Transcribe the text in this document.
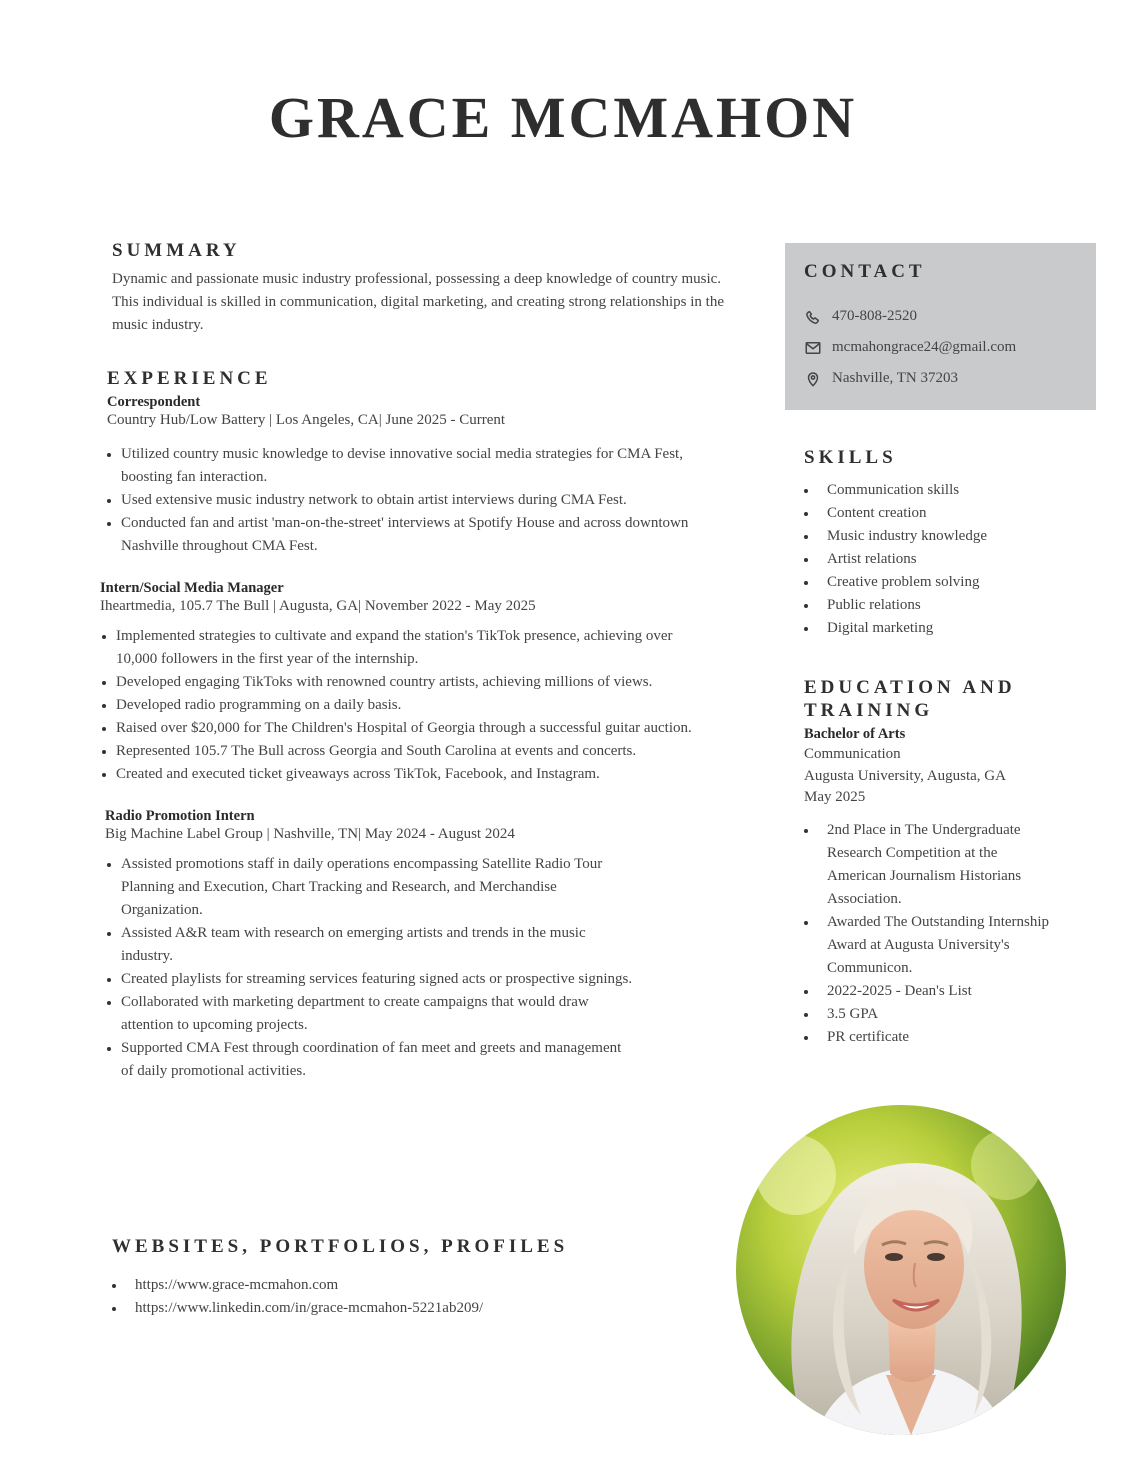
GRACE MCMAHON
SUMMARY

Dynamic and passionate music industry professional, possessing a deep knowledge of country music. This individual is skilled in communication, digital marketing, and creating strong relationships in the music industry.

EXPERIENCE

Correspondent

Country Hub/Low Battery | Los Angeles, CA| June 2025 - Current

Utilized country music knowledge to devise innovative social media strategies for CMA Fest, boosting fan interaction.
Used extensive music industry network to obtain artist interviews during CMA Fest.
Conducted fan and artist 'man-on-the-street' interviews at Spotify House and across downtown Nashville throughout CMA Fest.

Intern/Social Media Manager

Iheartmedia, 105.7 The Bull | Augusta, GA| November 2022 - May 2025

Implemented strategies to cultivate and expand the station's TikTok presence, achieving over 10,000 followers in the first year of the internship.
Developed engaging TikToks with renowned country artists, achieving millions of views.
Developed radio programming on a daily basis.
Raised over $20,000 for The Children's Hospital of Georgia through a successful guitar auction.
Represented 105.7 The Bull across Georgia and South Carolina at events and concerts.
Created and executed ticket giveaways across TikTok, Facebook, and Instagram.

Radio Promotion Intern

Big Machine Label Group | Nashville, TN| May 2024 - August 2024

Assisted promotions staff in daily operations encompassing Satellite Radio Tour Planning and Execution, Chart Tracking and Research, and Merchandise Organization.
Assisted A&R team with research on emerging artists and trends in the music industry.
Created playlists for streaming services featuring signed acts or prospective signings.
Collaborated with marketing department to create campaigns that would draw attention to upcoming projects.
Supported CMA Fest through coordination of fan meet and greets and management of daily promotional activities.
WEBSITES, PORTFOLIOS, PROFILES
https://www.grace-mcmahon.com
https://www.linkedin.com/in/grace-mcmahon-5221ab209/
CONTACT
470-808-2520
mcmahongrace24@gmail.com
Nashville, TN 37203
SKILLS
Communication skills
Content creation
Music industry knowledge
Artist relations
Creative problem solving
Public relations
Digital marketing
EDUCATION AND TRAINING

Bachelor of Arts

Communication

Augusta University, Augusta, GA

May 2025

2nd Place in The Undergraduate Research Competition at the American Journalism Historians Association.
Awarded The Outstanding Internship Award at Augusta University's Communicon.
2022-2025 - Dean's List
3.5 GPA
PR certificate
